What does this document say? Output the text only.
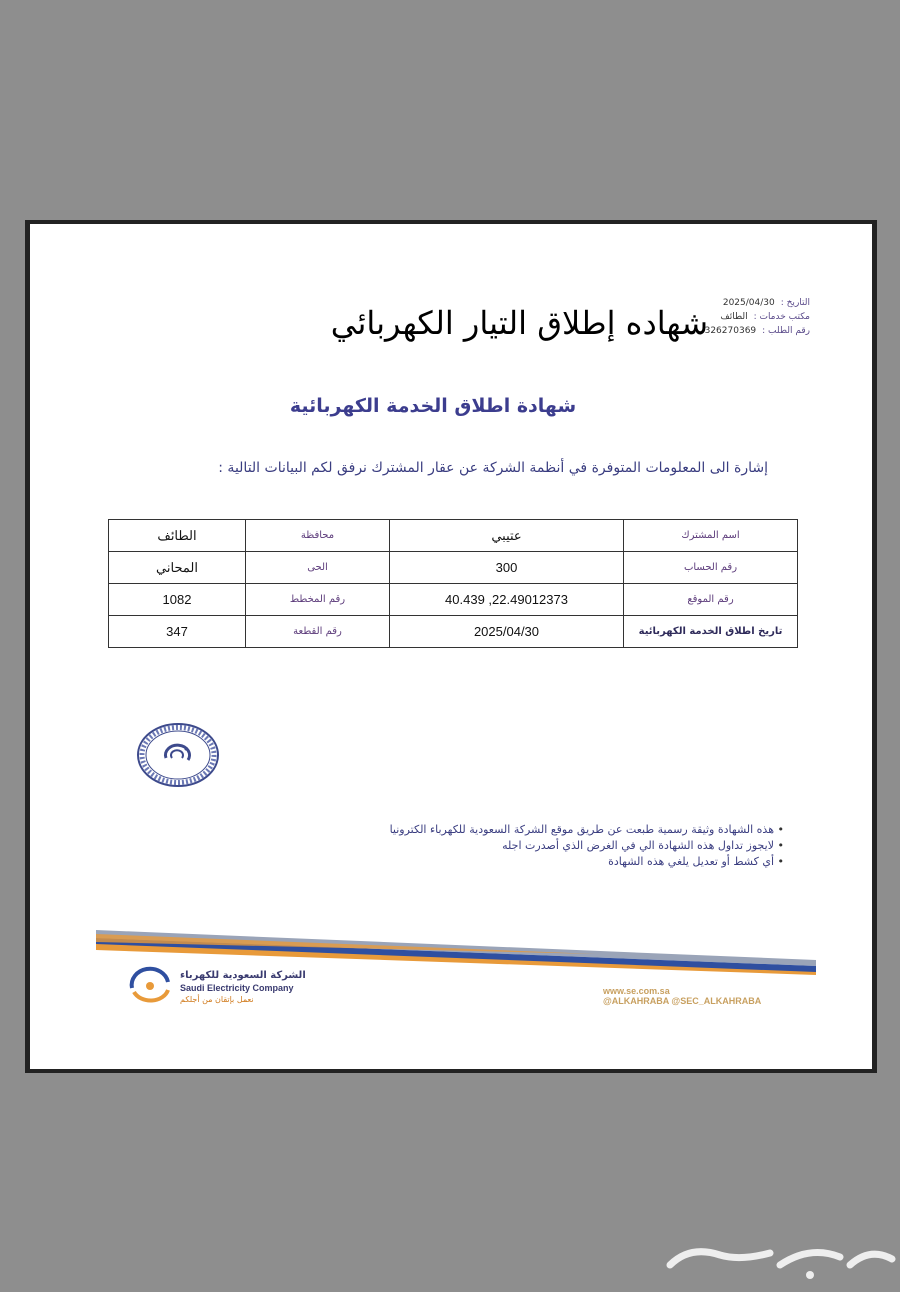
التاريخ :2025/04/30
مكتب خدمات :الطائف
رقم الطلب :326270369
شهاده إطلاق التيار الكهربائي
شهادة اطلاق الخدمة الكهربائية
إشارة الى المعلومات المتوفرة في أنظمة الشركة عن عقار المشترك نرفق لكم البيانات التالية :
اسم المشترك	عتيبي	محافظة	الطائف
رقم الحساب	300	الحى	المحاني
رقم الموقع	22.49012373, 40.439	رقم المخطط	1082
تاريخ اطلاق الخدمة الكهربائية	2025/04/30	رقم القطعة	347
• هذه الشهادة وثيقة رسمية طبعت عن طريق موقع الشركة السعودية للكهرباء الكترونيا
• لايجوز تداول هذه الشهادة الي في الغرض الذي أصدرت اجله
• أي كشط أو تعديل يلغي هذه الشهادة
الشركة السعودية للكهرباء
Saudi Electricity Company
نعمل بإتقان من أجلكم
www.se.com.sa
@ALKAHRABA @SEC_ALKAHRABA
